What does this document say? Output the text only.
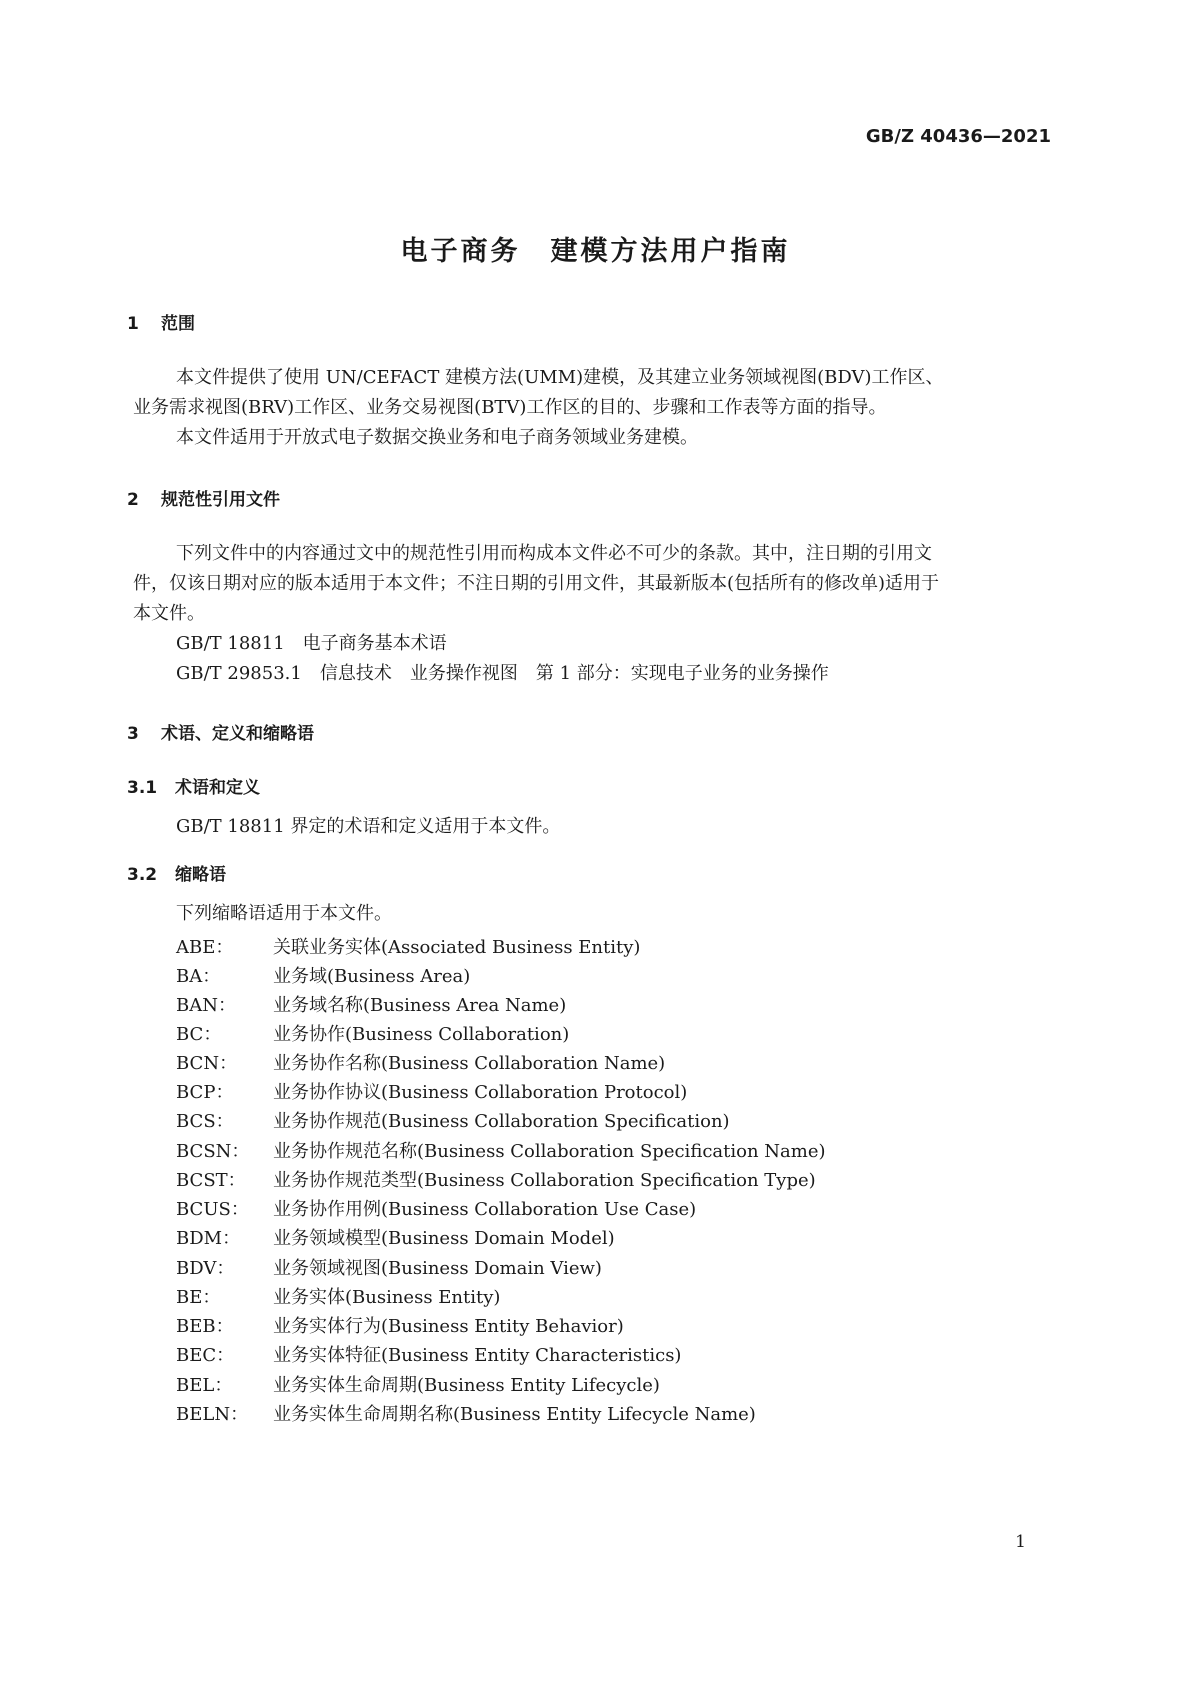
GB/Z 40436—2021
电子商务　建模方法用户指南
1 范围
本文件提供了使用 UN/CEFACT 建模方法(UMM)建模，及其建立业务领域视图(BDV)工作区、
业务需求视图(BRV)工作区、业务交易视图(BTV)工作区的目的、步骤和工作表等方面的指导。
本文件适用于开放式电子数据交换业务和电子商务领域业务建模。
2 规范性引用文件
下列文件中的内容通过文中的规范性引用而构成本文件必不可少的条款。其中，注日期的引用文
件，仅该日期对应的版本适用于本文件；不注日期的引用文件，其最新版本(包括所有的修改单)适用于
本文件。
GB/T 18811 电子商务基本术语
GB/T 29853.1 信息技术　业务操作视图　第 1 部分：实现电子业务的业务操作
3 术语、定义和缩略语
3.1 术语和定义
GB/T 18811 界定的术语和定义适用于本文件。
3.2 缩略语
下列缩略语适用于本文件。
ABE： 关联业务实体(Associated Business Entity)
BA：	业务域(Business Area)
BAN： 业务域名称(Business Area Name)
BC：	业务协作(Business Collaboration)
BCN： 业务协作名称(Business Collaboration Name)
BCP： 业务协作协议(Business Collaboration Protocol)
BCS： 业务协作规范(Business Collaboration Specification)
BCSN： 业务协作规范名称(Business Collaboration Specification Name)
BCST： 业务协作规范类型(Business Collaboration Specification Type)
BCUS： 业务协作用例(Business Collaboration Use Case)
BDM： 业务领域模型(Business Domain Model)
BDV： 业务领域视图(Business Domain View)
BE：	业务实体(Business Entity)
BEB： 业务实体行为(Business Entity Behavior)
BEC： 业务实体特征(Business Entity Characteristics)
BEL： 业务实体生命周期(Business Entity Lifecycle)
BELN： 业务实体生命周期名称(Business Entity Lifecycle Name)
1
